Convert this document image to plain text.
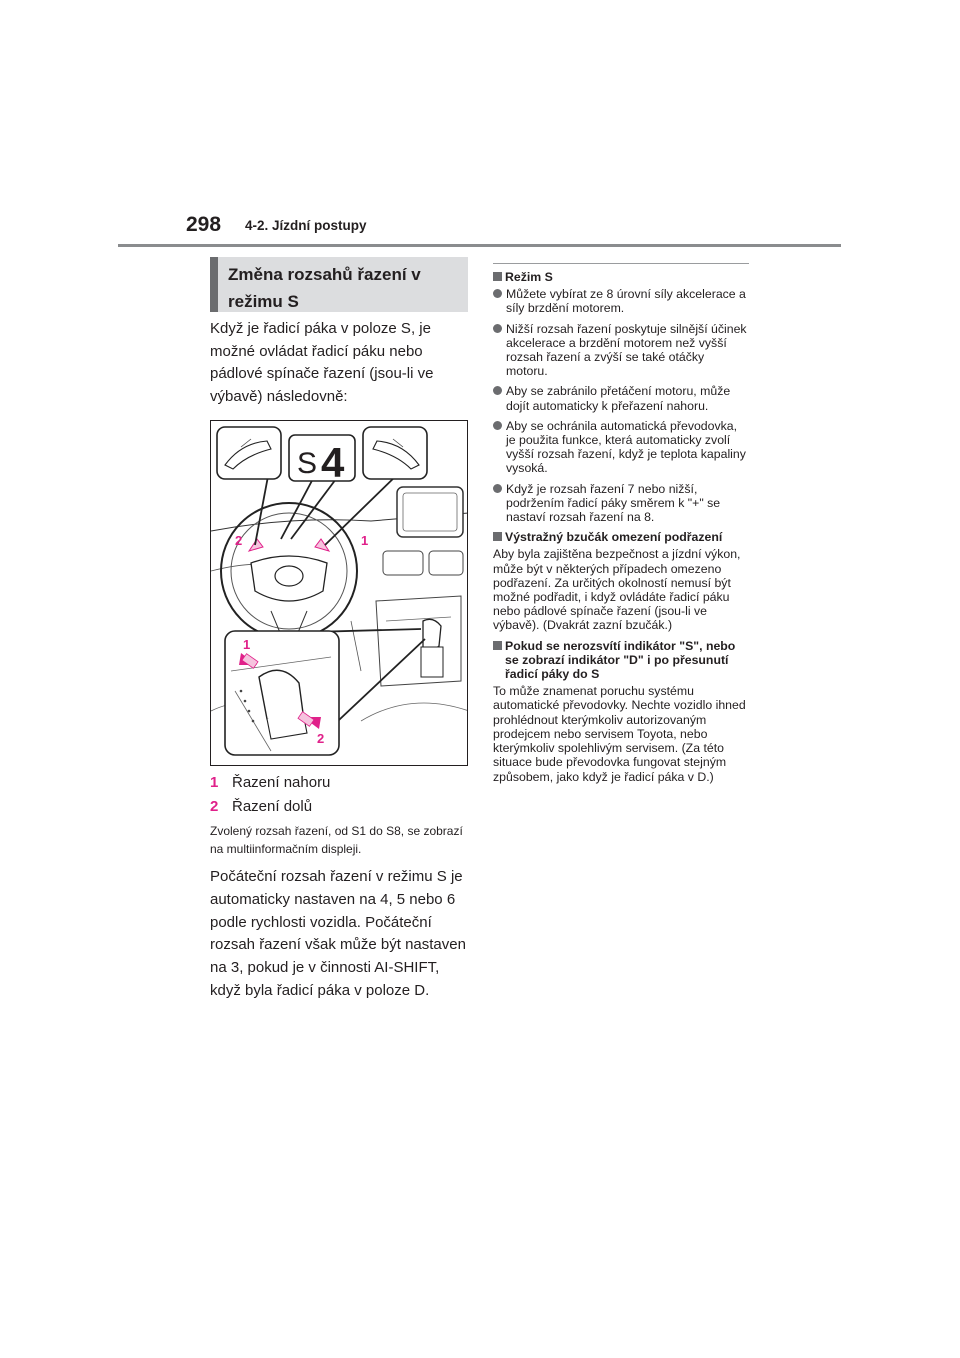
298 4-2. Jízdní postupy
Změna rozsahů řazení v režimu S
Když je řadicí páka v poloze S, je možné ovládat řadicí páku nebo pádlové spínače řazení (jsou-li ve výbavě) následovně:
S 4
2	1
1
2
1 Řazení nahoru
2 Řazení dolů
Zvolený rozsah řazení, od S1 do S8, se zobrazí na multiinformačním displeji.
Počáteční rozsah řazení v režimu S je automaticky nastaven na 4, 5 nebo 6 podle rychlosti vozidla. Počáteční rozsah řazení však může být nastaven na 3, pokud je v činnosti AI-SHIFT, když byla řadicí páka v poloze D.
Režim S
Můžete vybírat ze 8 úrovní síly akcelerace a síly brzdění motorem.
Nižší rozsah řazení poskytuje silnější účinek akcelerace a brzdění motorem než vyšší rozsah řazení a zvýší se také otáčky motoru.
Aby se zabránilo přetáčení motoru, může dojít automaticky k přeřazení nahoru.
Aby se ochránila automatická převodovka, je použita funkce, která automaticky zvolí vyšší rozsah řazení, když je teplota kapaliny vysoká.
Když je rozsah řazení 7 nebo nižší, podržením řadicí páky směrem k "+" se nastaví rozsah řazení na 8.
Výstražný bzučák omezení podřazení
Aby byla zajištěna bezpečnost a jízdní výkon, může být v některých případech omezeno podřazení. Za určitých okolností nemusí být možné podřadit, i když ovládáte řadicí páku nebo pádlové spínače řazení (jsou-li ve výbavě). (Dvakrát zazní bzučák.)
Pokud se nerozsvítí indikátor "S", nebo se zobrazí indikátor "D" i po přesunutí řadicí páky do S
To může znamenat poruchu systému automatické převodovky. Nechte vozidlo ihned prohlédnout kterýmkoliv autorizovaným prodejcem nebo servisem Toyota, nebo kterýmkoliv spolehlivým servisem. (Za této situace bude převodovka fungovat stejným způsobem, jako když je řadicí páka v D.)
